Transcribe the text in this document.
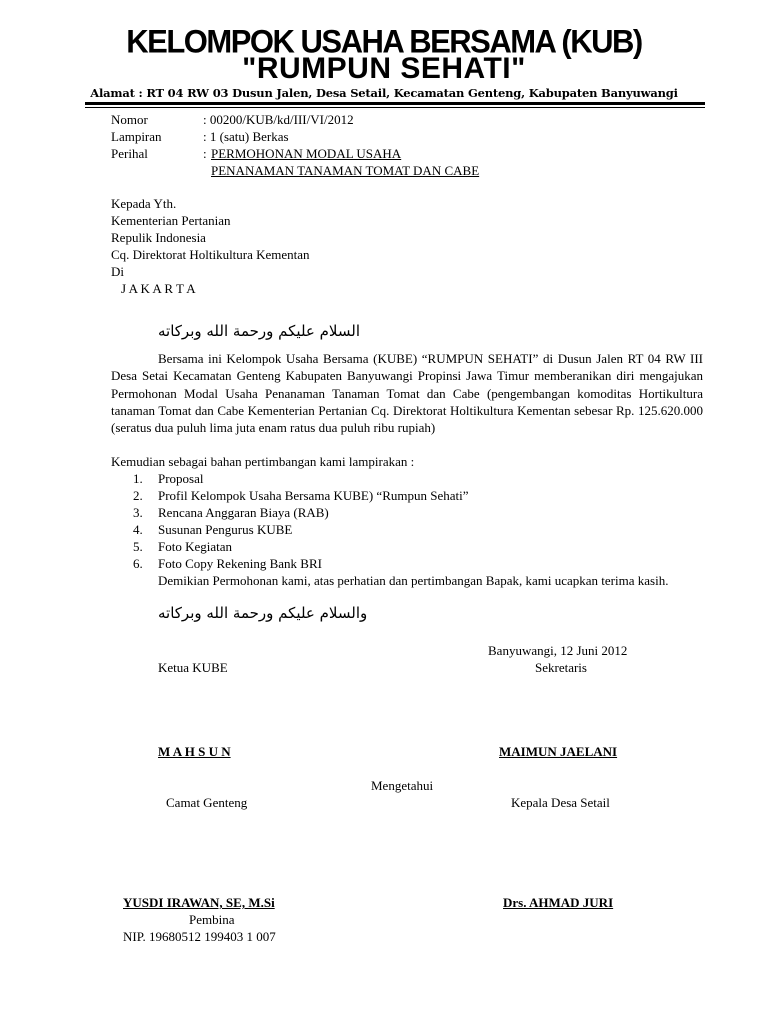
KELOMPOK USAHA BERSAMA (KUB)
"RUMPUN SEHATI"
Alamat : RT 04 RW 03 Dusun Jalen, Desa Setail, Kecamatan Genteng, Kabupaten Banyuwangi
Nomor	: 00200/KUB/kd/III/VI/2012
Lampiran	: 1 (satu) Berkas
Perihal	: PERMOHONAN MODAL USAHA
PENANAMAN TANAMAN TOMAT DAN CABE
Kepada Yth.
Kementerian Pertanian
Repulik Indonesia
Cq. Direktorat Holtikultura Kementan
Di
J A K A R T A
السلام عليكم ورحمة الله وبركاته
Bersama ini Kelompok Usaha Bersama (KUBE) “RUMPUN SEHATI” di Dusun Jalen RT 04 RW III Desa Setai Kecamatan Genteng Kabupaten Banyuwangi Propinsi Jawa Timur memberanikan diri mengajukan Permohonan Modal Usaha Penanaman Tanaman Tomat dan Cabe (pengembangan komoditas Hortikultura tanaman Tomat dan Cabe Kementerian Pertanian Cq. Direktorat Holtikultura Kementan sebesar Rp. 125.620.000 (seratus dua puluh lima juta enam ratus dua puluh ribu rupiah)
Kemudian sebagai bahan pertimbangan kami lampirakan :
1. Proposal
2. Profil Kelompok Usaha Bersama KUBE) “Rumpun Sehati”
3. Rencana Anggaran Biaya (RAB)
4. Susunan Pengurus KUBE
5. Foto Kegiatan
6. Foto Copy Rekening Bank BRI
Demikian Permohonan kami, atas perhatian dan pertimbangan Bapak, kami ucapkan terima kasih.
والسلام عليكم ورحمة الله وبركاته
Banyuwangi, 12 Juni 2012
Ketua KUBE	Sekretaris
M A H S U N	MAIMUN JAELANI
Mengetahui
Camat Genteng	Kepala Desa Setail
YUSDI IRAWAN, SE, M.Si
Pembina
NIP. 19680512 199403 1 007
Drs. AHMAD JURI
